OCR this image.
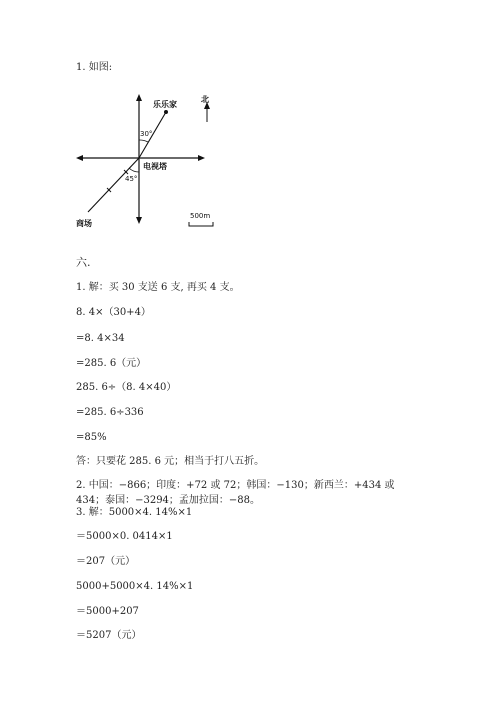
1. 如图:
乐乐家
北
30°
电视塔
45°
500m
商场
六.
1. 解：买 30 支送 6 支, 再买 4 支。
8. 4×（30+4）
=8. 4×34
=285. 6（元）
285. 6÷（8. 4×40）
=285. 6÷336
=85%
答：只要花 285. 6 元；相当于打八五折。
2. 中国：−866；印度：+72 或 72；韩国：−130；新西兰：+434 或 434；泰国：−3294；孟加拉国：−88。
3. 解：5000×4. 14%×1
＝5000×0. 0414×1
＝207（元）
5000+5000×4. 14%×1
＝5000+207
＝5207（元）
